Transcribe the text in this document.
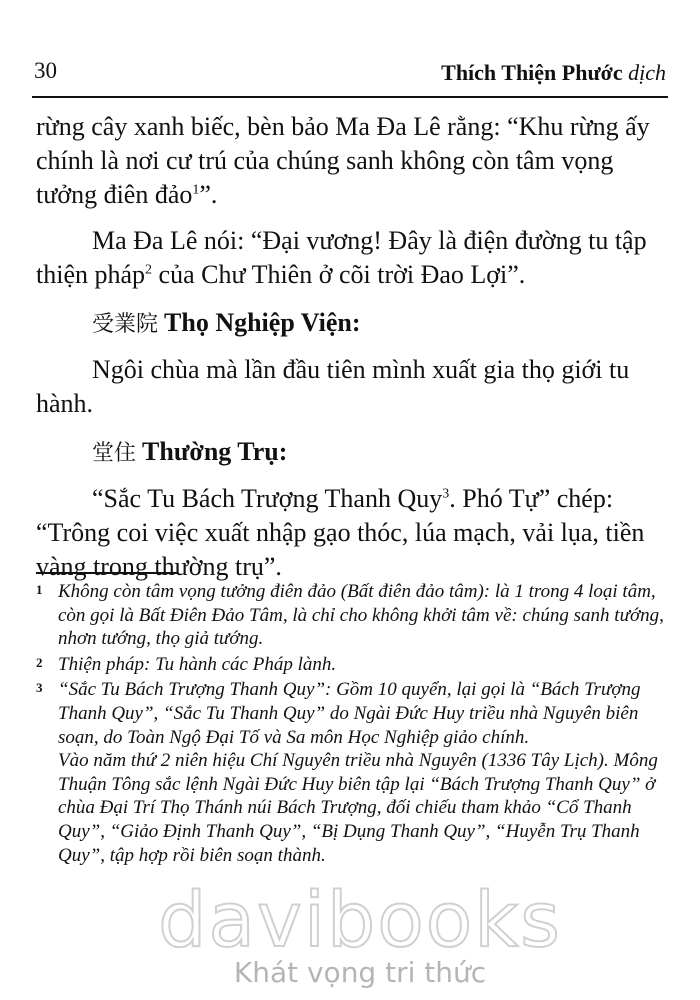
30	Thích Thiện Phước dịch

rừng cây xanh biếc, bèn bảo Ma Đa Lê rằng: “Khu rừng ấy chính là nơi cư trú của chúng sanh không còn tâm vọng tưởng điên đảo$^1$”.

Ma Đa Lê nói: “Đại vương! Đây là điện đường tu tập thiện pháp$^2$ của Chư Thiên ở cõi trời Đao Lợi”.

受業院 Thọ Nghiệp Viện:

Ngôi chùa mà lần đầu tiên mình xuất gia thọ giới tu hành.

堂住 Thường Trụ:

“Sắc Tu Bách Trượng Thanh Quy$^3$. Phó Tự” chép: “Trông coi việc xuất nhập gạo thóc, lúa mạch, vải lụa, tiền vàng trong thường trụ”.

1 Không còn tâm vọng tưởng điên đảo (Bất điên đảo tâm): là 1 trong 4 loại tâm, còn gọi là Bất Điên Đảo Tâm, là chỉ cho không khởi tâm về: chúng sanh tướng, nhơn tướng, thọ giả tướng.

2 Thiện pháp: Tu hành các Pháp lành.

3 “Sắc Tu Bách Trượng Thanh Quy”: Gồm 10 quyển, lại gọi là “Bách Trượng Thanh Quy”, “Sắc Tu Thanh Quy” do Ngài Đức Huy triều nhà Nguyên biên soạn, do Toàn Ngộ Đại Tố và Sa môn Học Nghiệp giảo chính.

Vào năm thứ 2 niên hiệu Chí Nguyên triều nhà Nguyên (1336 Tây Lịch). Mông Thuận Tông sắc lệnh Ngài Đức Huy biên tập lại “Bách Trượng Thanh Quy” ở chùa Đại Trí Thọ Thánh núi Bách Trượng, đối chiếu tham khảo “Cổ Thanh Quy”, “Giảo Định Thanh Quy”, “Bị Dụng Thanh Quy”, “Huyễn Trụ Thanh Quy”, tập hợp rồi biên soạn thành.

davibooks
Khát vọng tri thức
